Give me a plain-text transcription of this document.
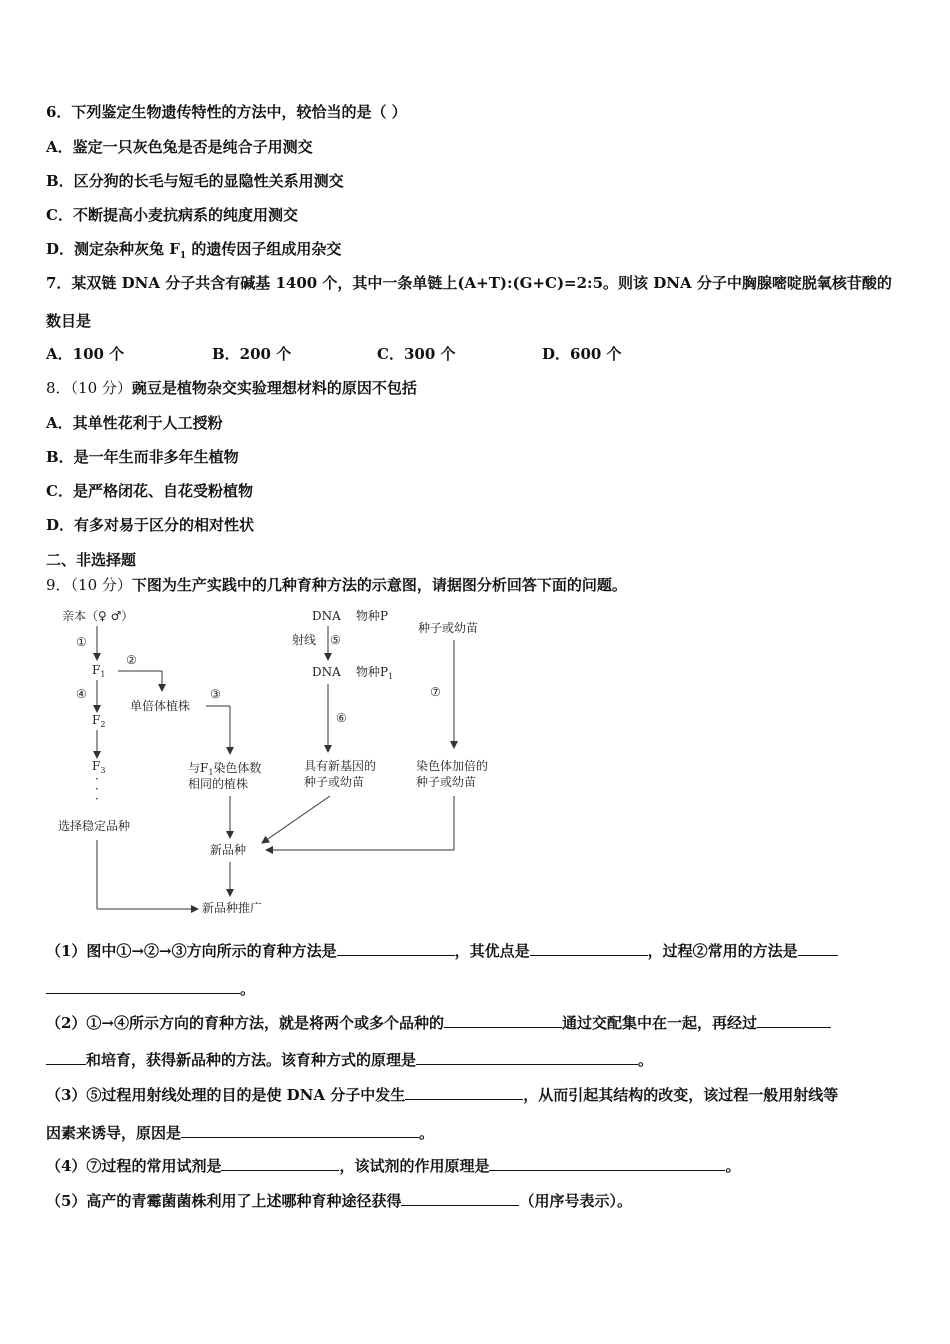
6．下列鉴定生物遗传特性的方法中，较恰当的是（ ）
A．鉴定一只灰色兔是否是纯合子用测交
B．区分狗的长毛与短毛的显隐性关系用测交
C．不断提高小麦抗病系的纯度用测交
D．测定杂种灰兔 $F_1$ 的遗传因子组成用杂交
7．某双链 DNA 分子共含有碱基 1400 个，其中一条单链上(A+T):(G+C)=2:5。则该 DNA 分子中胸腺嘧啶脱氧核苷酸的
数目是
A．100 个	B．200 个	C．300 个	D．600 个
8．（10 分）豌豆是植物杂交实验理想材料的原因不包括
A．其单性花利于人工授粉
B．是一年生而非多年生植物
C．是严格闭花、自花受粉植物
D．有多对易于区分的相对性状
二、非选择题
9．（10 分）下图为生产实践中的几种育种方法的示意图，请据图分析回答下面的问题。
亲本（♀ ♂）
①
$F_1$
④
$F_2$
$F_3$
·
·
·
选择稳定品种
②
单倍体植株
③
与$F_1$染色体数
相同的植株
DNA 物种P
射线 ⑤
DNA 物种$P_1$
⑥
具有新基因的
种子或幼苗
种子或幼苗
⑦
染色体加倍的
种子或幼苗
新品种
新品种推广
（1）图中①→②→③方向所示的育种方法是	，其优点是	，过程②常用的方法是
。
（2）①→④所示方向的育种方法，就是将两个或多个品种的	通过交配集中在一起，再经过
和培育，获得新品种的方法。该育种方式的原理是	。
（3）⑤过程用射线处理的目的是使 DNA 分子中发生	，从而引起其结构的改变，该过程一般用射线等
因素来诱导，原因是	。
（4）⑦过程的常用试剂是	，该试剂的作用原理是	。
（5）高产的青霉菌菌株利用了上述哪种育种途径获得	（用序号表示）。
